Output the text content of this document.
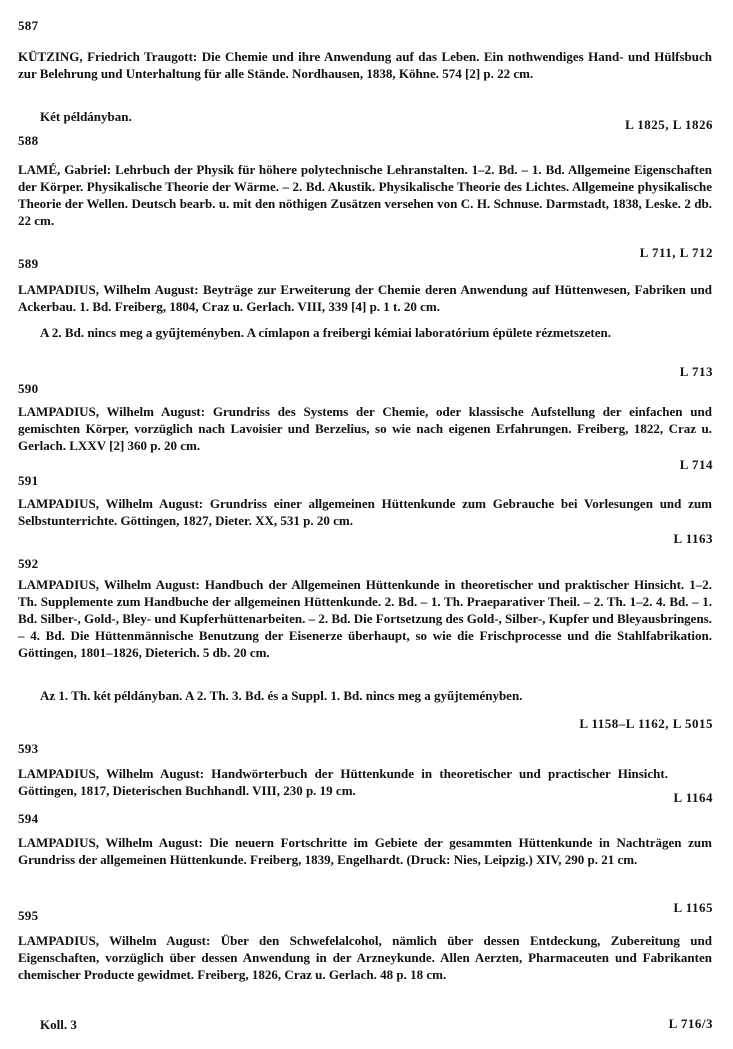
587
KÜTZING, Friedrich Traugott: Die Chemie und ihre Anwendung auf das Leben. Ein nothwendiges Hand- und Hülfsbuch zur Belehrung und Unterhaltung für alle Stände. Nordhausen, 1838, Köhne. 574 [2] p. 22 cm.
Két példányban.
L 1825, L 1826
588
LAMÉ, Gabriel: Lehrbuch der Physik für höhere polytechnische Lehranstalten. 1–2. Bd. – 1. Bd. Allgemeine Eigenschaften der Körper. Physikalische Theorie der Wärme. – 2. Bd. Akustik. Physikalische Theorie des Lichtes. Allgemeine physikalische Theorie der Wellen. Deutsch bearb. u. mit den nöthigen Zusätzen versehen von C. H. Schnuse. Darmstadt, 1838, Leske. 2 db. 22 cm.
L 711, L 712
589
LAMPADIUS, Wilhelm August: Beyträge zur Erweiterung der Chemie deren Anwendung auf Hüttenwesen, Fabriken und Ackerbau. 1. Bd. Freiberg, 1804, Craz u. Gerlach. VIII, 339 [4] p. 1 t. 20 cm.
A 2. Bd. nincs meg a gyűjteményben. A címlapon a freibergi kémiai laboratórium épülete rézmetszeten.
L 713
590
LAMPADIUS, Wilhelm August: Grundriss des Systems der Chemie, oder klassische Aufstellung der einfachen und gemischten Körper, vorzüglich nach Lavoisier und Berzelius, so wie nach eigenen Erfahrungen. Freiberg, 1822, Craz u. Gerlach. LXXV [2] 360 p. 20 cm.
L 714
591
LAMPADIUS, Wilhelm August: Grundriss einer allgemeinen Hüttenkunde zum Gebrauche bei Vorlesungen und zum Selbstunterrichte. Göttingen, 1827, Dieter. XX, 531 p. 20 cm.
L 1163
592
LAMPADIUS, Wilhelm August: Handbuch der Allgemeinen Hüttenkunde in theoretischer und praktischer Hinsicht. 1–2. Th. Supplemente zum Handbuche der allgemeinen Hüttenkunde. 2. Bd. – 1. Th. Praeparativer Theil. – 2. Th. 1–2. 4. Bd. – 1. Bd. Silber-, Gold-, Bley- und Kupferhüttenarbeiten. – 2. Bd. Die Fortsetzung des Gold-, Silber-, Kupfer und Bleyausbringens. – 4. Bd. Die Hüttenmännische Benutzung der Eisenerze überhaupt, so wie die Frischprocesse und die Stahlfabrikation. Göttingen, 1801–1826, Dieterich. 5 db. 20 cm.
Az 1. Th. két példányban. A 2. Th. 3. Bd. és a Suppl. 1. Bd. nincs meg a gyűjteményben.
L 1158–L 1162, L 5015
593
LAMPADIUS, Wilhelm August: Handwörterbuch der Hüttenkunde in theoretischer und practischer Hinsicht. Göttingen, 1817, Dieterischen Buchhandl. VIII, 230 p. 19 cm.	L 1164
594
LAMPADIUS, Wilhelm August: Die neuern Fortschritte im Gebiete der gesammten Hüttenkunde in Nachträgen zum Grundriss der allgemeinen Hüttenkunde. Freiberg, 1839, Engelhardt. (Druck: Nies, Leipzig.) XIV, 290 p. 21 cm.
L 1165
595
LAMPADIUS, Wilhelm August: Über den Schwefelalcohol, nämlich über dessen Entdeckung, Zubereitung und Eigenschaften, vorzüglich über dessen Anwendung in der Arzneykunde. Allen Aerzten, Pharmaceuten und Fabrikanten chemischer Producte gewidmet. Freiberg, 1826, Craz u. Gerlach. 48 p. 18 cm.
Koll. 3	L 716/3
